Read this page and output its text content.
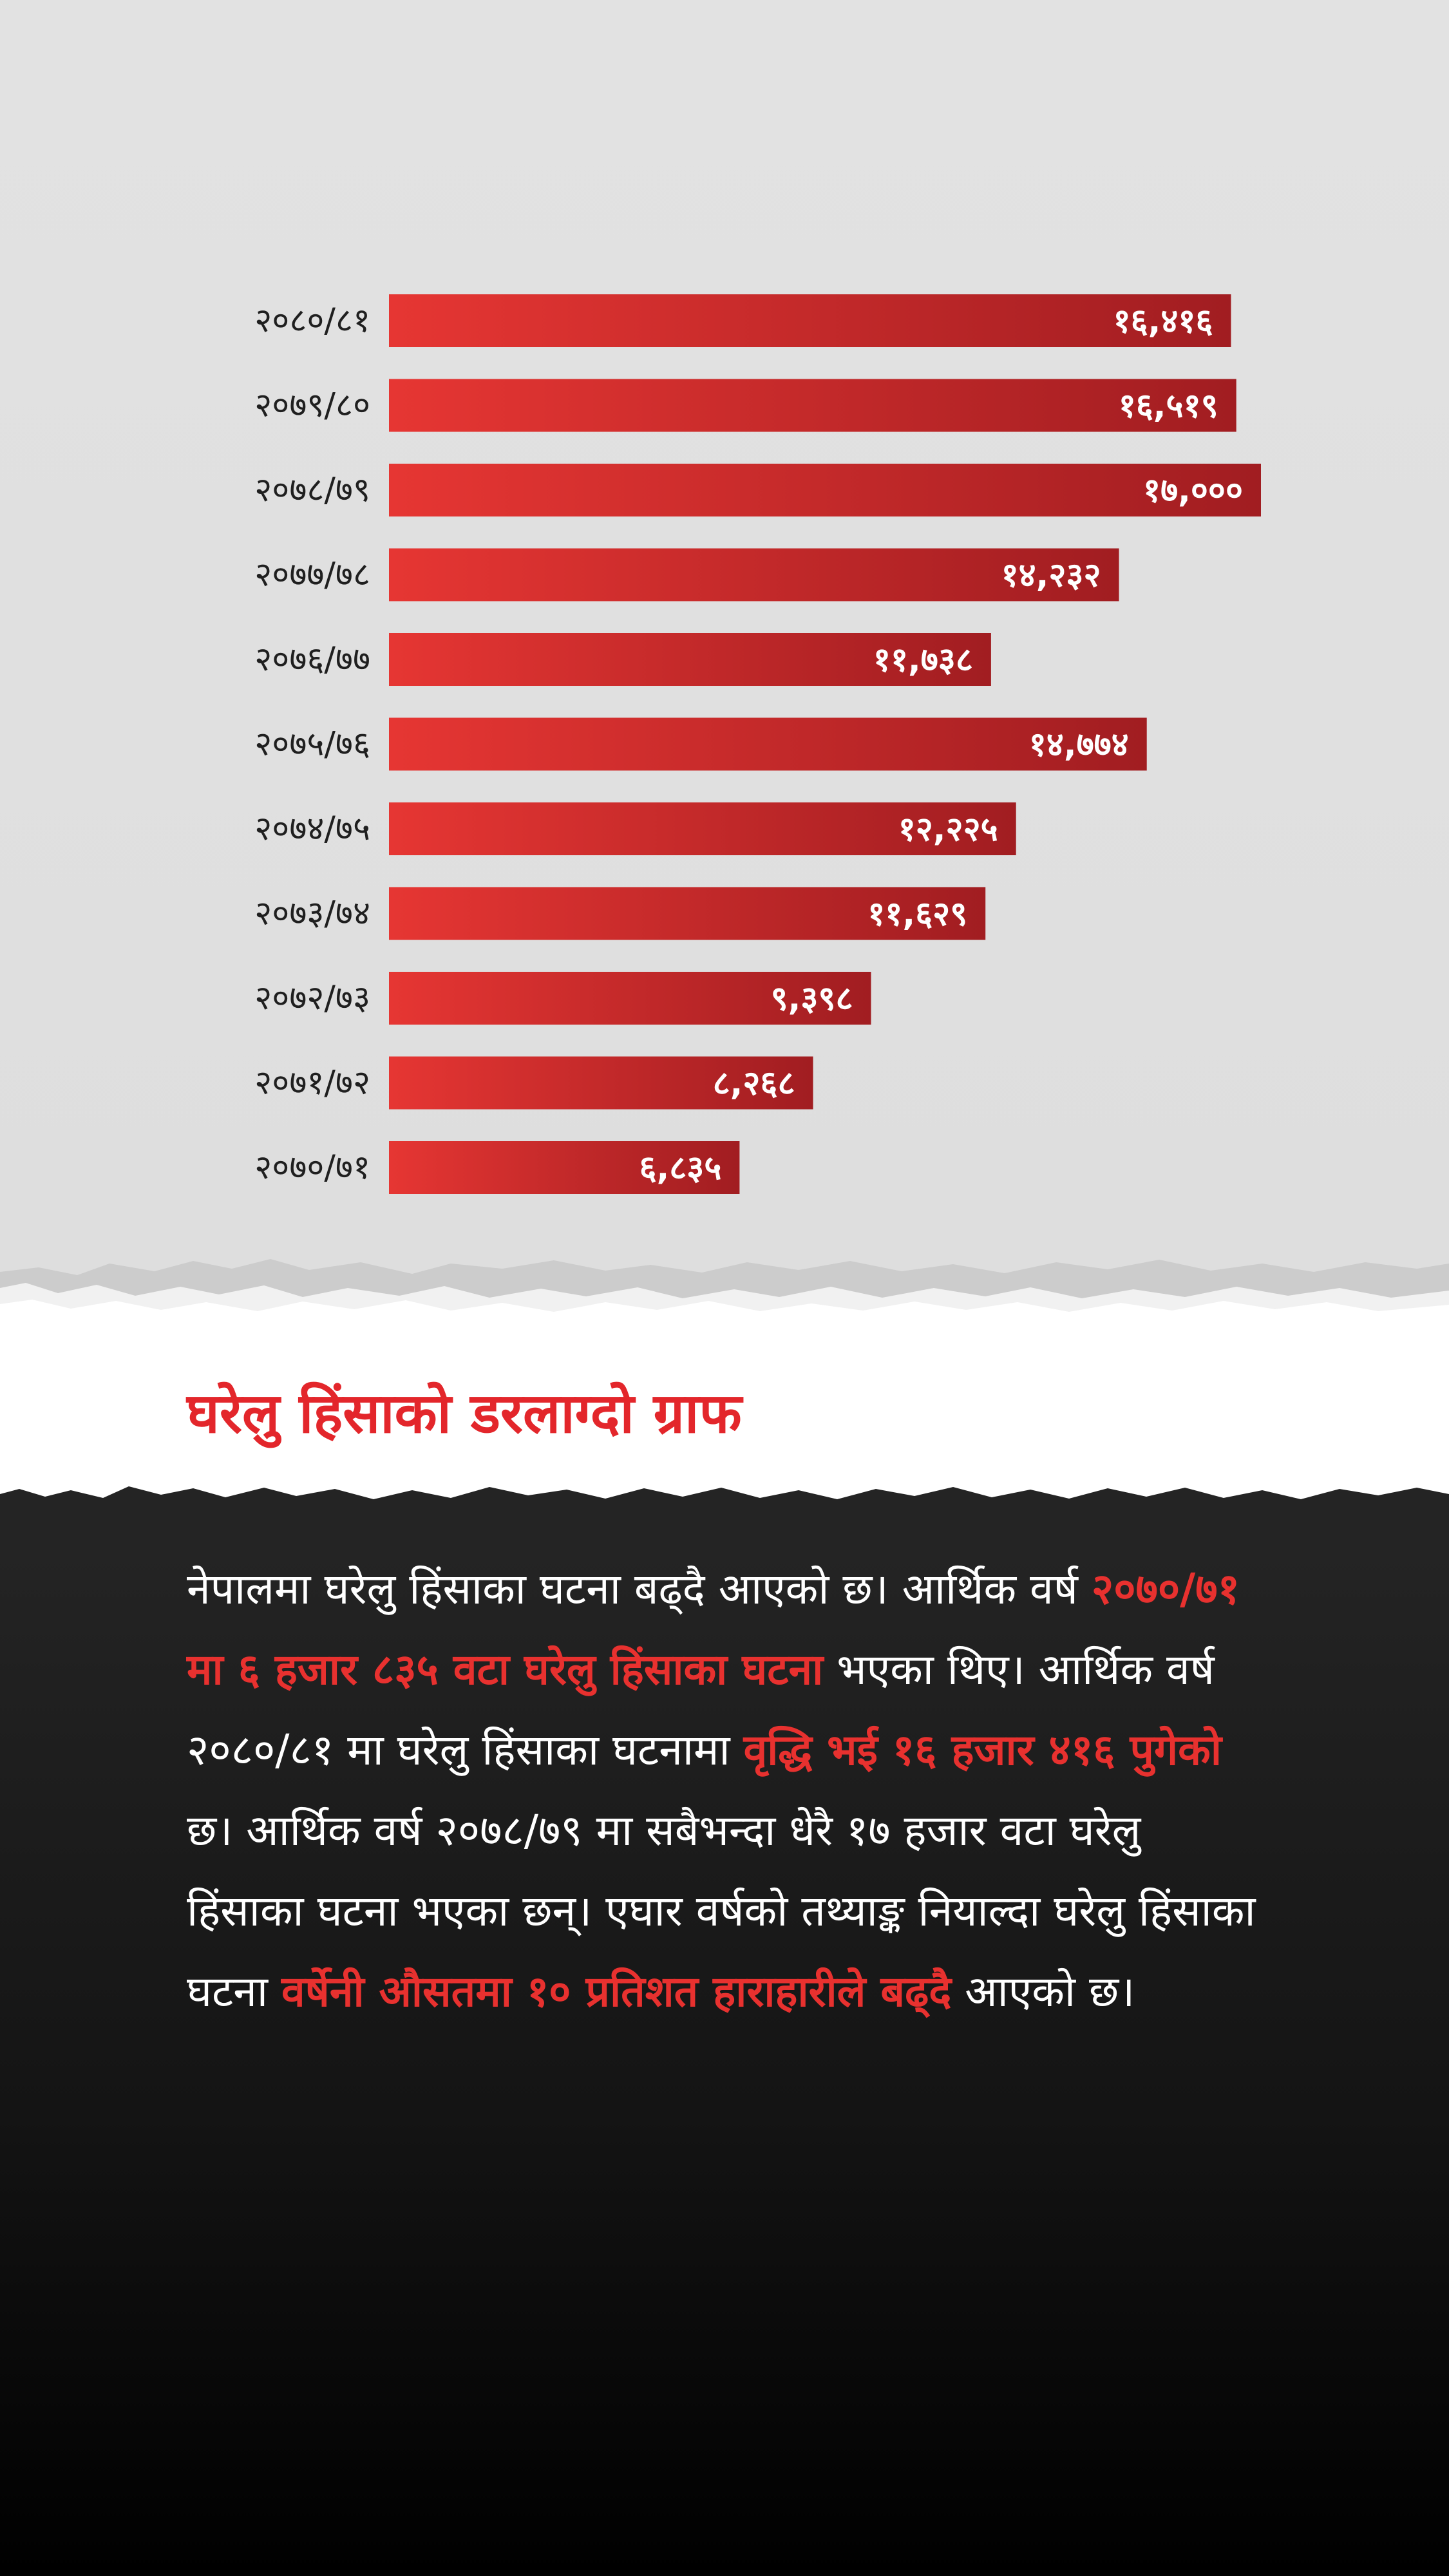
२०८०/८१	१६,४१६
२०७९/८०	१६,५१९
२०७८/७९	१७,०००
२०७७/७८	१४,२३२
२०७६/७७	११,७३८
२०७५/७६	१४,७७४
२०७४/७५	१२,२२५
२०७३/७४	११,६२९
२०७२/७३	९,३९८
२०७१/७२	८,२६८
२०७०/७१	६,८३५
घरेलु हिंसाको डरलाग्दो ग्राफ

नेपालमा घरेलु हिंसाका घटना बढ्दै आएको छ। आर्थिक वर्ष २०७०/७१ मा ६ हजार ८३५ वटा घरेलु हिंसाका घटना भएका थिए। आर्थिक वर्ष २०८०/८१ मा घरेलु हिंसाका घटनामा वृद्धि भई १६ हजार ४१६ पुगेको छ। आर्थिक वर्ष २०७८/७९ मा सबैभन्दा धेरै १७ हजार वटा घरेलु हिंसाका घटना भएका छन्। एघार वर्षको तथ्याङ्क नियाल्दा घरेलु हिंसाका घटना वर्षेनी औसतमा १० प्रतिशत हाराहारीले बढ्दै आएको छ।
